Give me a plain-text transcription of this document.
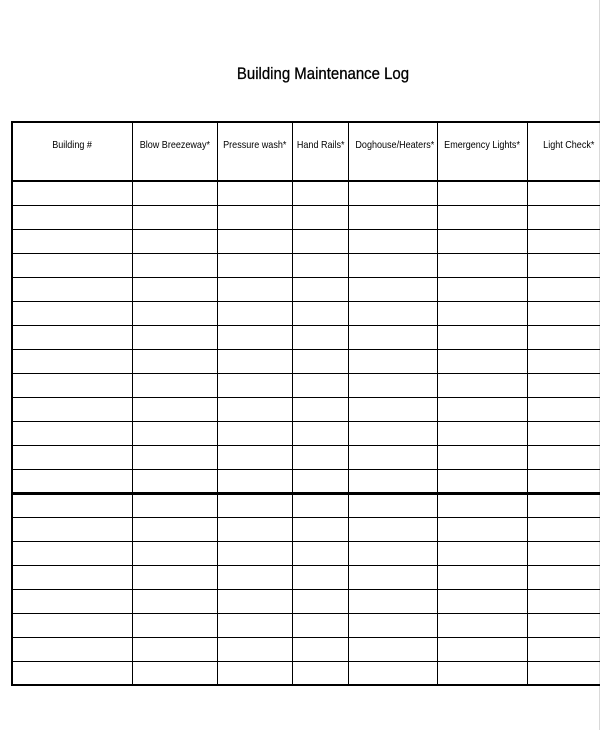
Building Maintenance Log
Building #	Blow Breezeway*	Pressure wash*	Hand Rails*	Doghouse/Heaters*	Emergency Lights*	Light Check*
